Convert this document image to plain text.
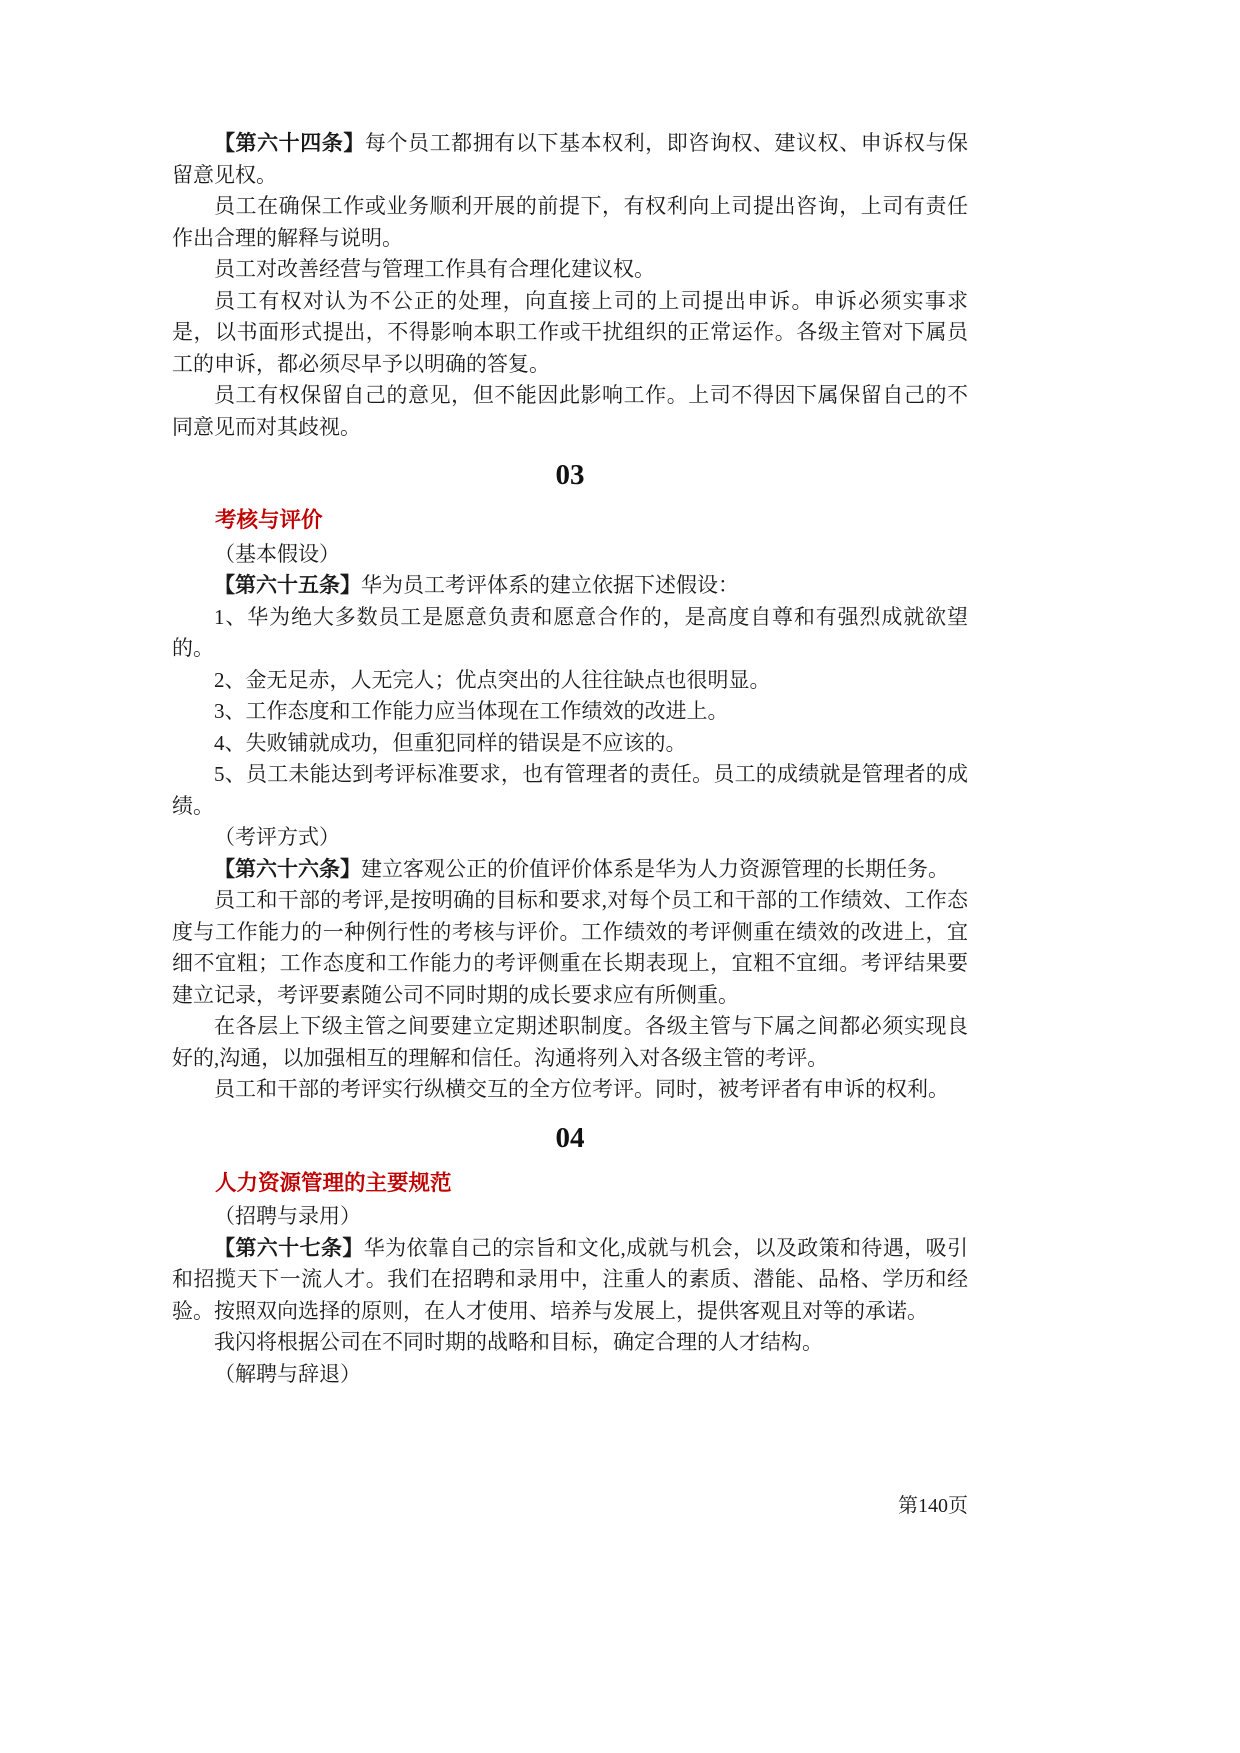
【第六十四条】每个员工都拥有以下基本权利，即咨询权、建议权、申诉权与保留意见权。

员工在确保工作或业务顺利开展的前提下，有权利向上司提出咨询，上司有责任作出合理的解释与说明。

员工对改善经营与管理工作具有合理化建议权。

员工有权对认为不公正的处理，向直接上司的上司提出申诉。申诉必须实事求是，以书面形式提出，不得影响本职工作或干扰组织的正常运作。各级主管对下属员工的申诉，都必须尽早予以明确的答复。

员工有权保留自己的意见，但不能因此影响工作。上司不得因下属保留自己的不同意见而对其歧视。

03

考核与评价

（基本假设）

【第六十五条】华为员工考评体系的建立依据下述假设：

1、华为绝大多数员工是愿意负责和愿意合作的，是高度自尊和有强烈成就欲望的。

2、金无足赤，人无完人；优点突出的人往往缺点也很明显。

3、工作态度和工作能力应当体现在工作绩效的改进上。

4、失败铺就成功，但重犯同样的错误是不应该的。

5、员工未能达到考评标准要求，也有管理者的责任。员工的成绩就是管理者的成绩。

（考评方式）

【第六十六条】建立客观公正的价值评价体系是华为人力资源管理的长期任务。

员工和干部的考评,是按明确的目标和要求,对每个员工和干部的工作绩效、工作态度与工作能力的一种例行性的考核与评价。工作绩效的考评侧重在绩效的改进上，宜细不宜粗；工作态度和工作能力的考评侧重在长期表现上，宜粗不宜细。考评结果要建立记录，考评要素随公司不同时期的成长要求应有所侧重。

在各层上下级主管之间要建立定期述职制度。各级主管与下属之间都必须实现良好的,沟通，以加强相互的理解和信任。沟通将列入对各级主管的考评。

员工和干部的考评实行纵横交互的全方位考评。同时，被考评者有申诉的权利。

04

人力资源管理的主要规范

（招聘与录用）

【第六十七条】华为依靠自己的宗旨和文化,成就与机会，以及政策和待遇，吸引和招揽天下一流人才。我们在招聘和录用中，注重人的素质、潜能、品格、学历和经验。按照双向选择的原则，在人才使用、培养与发展上，提供客观且对等的承诺。

我闪将根据公司在不同时期的战略和目标，确定合理的人才结构。

（解聘与辞退）

第140页
